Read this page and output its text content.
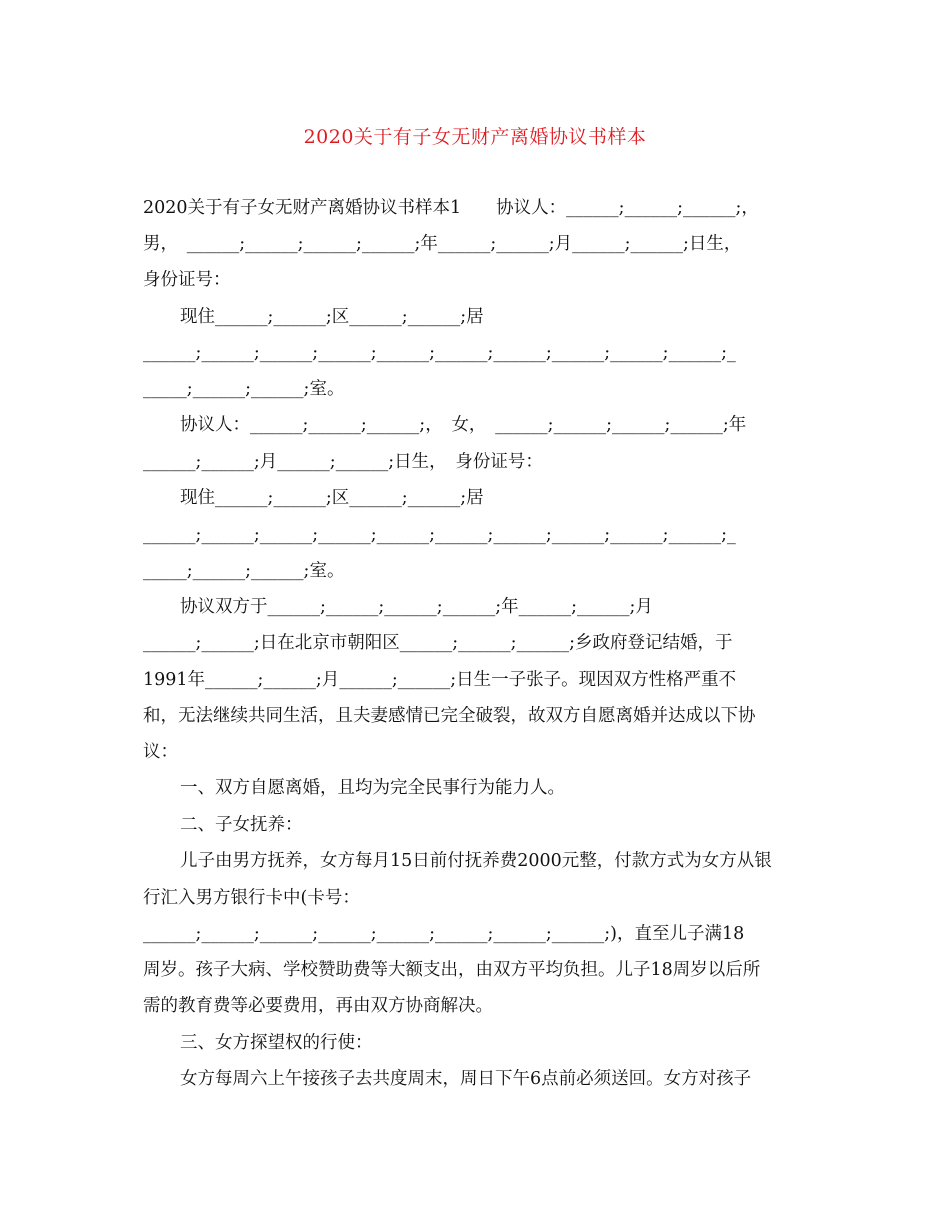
2020关于有子女无财产离婚协议书样本
2020关于有子女无财产离婚协议书样本1　　协议人：______;______;______;，
男，　______;______;______;______;年______;______;月______;______;日生，
身份证号：
现住______;______;区______;______;居
______;______;______;______;______;______;______;______;______;______;_
_____;______;______;室。
协议人：______;______;______;，　女，　______;______;______;______;年
______;______;月______;______;日生，　身份证号：
现住______;______;区______;______;居
______;______;______;______;______;______;______;______;______;______;_
_____;______;______;室。
协议双方于______;______;______;______;年______;______;月
______;______;日在北京市朝阳区______;______;______;乡政府登记结婚，于
1991年______;______;月______;______;日生一子张子。现因双方性格严重不
和，无法继续共同生活，且夫妻感情已完全破裂，故双方自愿离婚并达成以下协
议：
一、双方自愿离婚，且均为完全民事行为能力人。
二、子女抚养：
儿子由男方抚养，女方每月15日前付抚养费2000元整，付款方式为女方从银
行汇入男方银行卡中(卡号：
______;______;______;______;______;______;______;______;)，直至儿子满18
周岁。孩子大病、学校赞助费等大额支出，由双方平均负担。儿子18周岁以后所
需的教育费等必要费用，再由双方协商解决。
三、女方探望权的行使：
女方每周六上午接孩子去共度周末，周日下午6点前必须送回。女方对孩子
